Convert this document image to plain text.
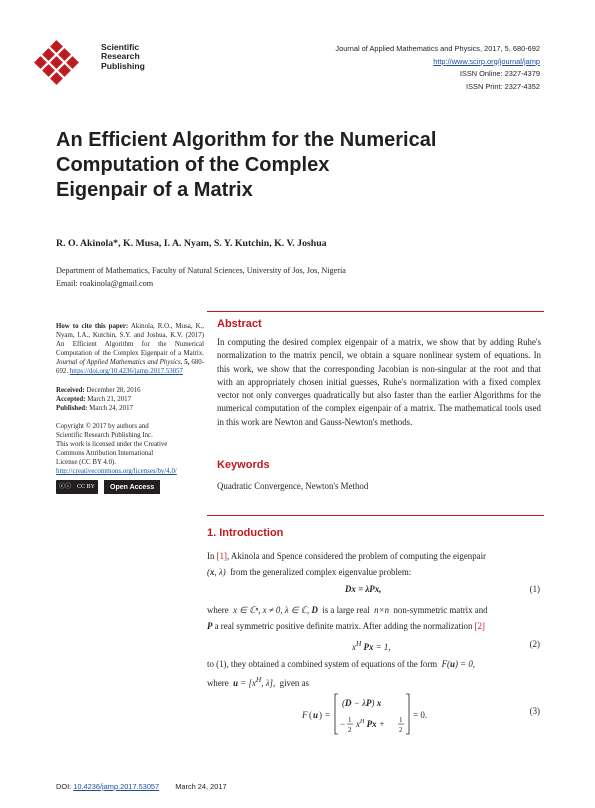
Scientific
Research
Publishing
Journal of Applied Mathematics and Physics, 2017, 5, 680-692
http://www.scirp.org/journal/jamp
ISSN Online: 2327-4379
ISSN Print: 2327-4352
An Efficient Algorithm for the Numerical
Computation of the Complex
Eigenpair of a Matrix
R. O. Akinola*, K. Musa, I. A. Nyam, S. Y. Kutchin, K. V. Joshua
Department of Mathematics, Faculty of Natural Sciences, University of Jos, Jos, Nigeria
Email: roakinola@gmail.com
How to cite this paper: Akinola, R.O., Musa, K., Nyam, I.A., Kutchin, S.Y. and Joshua, K.V. (2017) An Efficient Algorithm for the Numerical Computation of the Complex Eigenpair of a Matrix. Journal of Applied Mathematics and Physics, 5, 680-692. https://doi.org/10.4236/jamp.2017.53057
Received: December 28, 2016
Accepted: March 21, 2017
Published: March 24, 2017
Copyright © 2017 by authors and
Scientific Research Publishing Inc.
This work is licensed under the Creative
Commons Attribution International
License (CC BY 4.0).
http://creativecommons.org/licenses/by/4.0/
ⓒⓘ CC BY	Open Access
Abstract
In computing the desired complex eigenpair of a matrix, we show that by adding Ruhe's normalization to the matrix pencil, we obtain a square nonlinear system of equations. In this work, we show that the corresponding Jacobian is non-singular at the root and that with an appropriately chosen initial guesses, Ruhe's normalization with a fixed complex vector not only converges quadratically but also faster than the earlier Algorithms for the numerical computation of the complex eigenpair of a matrix. The mathematical tools used in this work are Newton and Gauss-Newton's methods.
Keywords
Quadratic Convergence, Newton's Method
1. Introduction
In [1], Akinola and Spence considered the problem of computing the eigenpair
(x, λ) from the generalized complex eigenvalue problem:
Dx = λPx,	(1)
where  x ∈ ℂⁿ, x ≠ 0, λ ∈ ℂ, D is a large real  n×n  non-symmetric matrix and
P a real symmetric positive definite matrix. After adding the normalization [2]
$x^H$ Px = 1,	(2)
to (1), they obtained a combined system of equations of the form  F(u) = 0,
where $u = [x^H$, λ],  given as
F ( u ) =
(D − λP) x
− 1
2
$x^H$ Px + 1
2
= 0.	(3)
DOI: 10.4236/jamp.2017.53057 March 24, 2017
